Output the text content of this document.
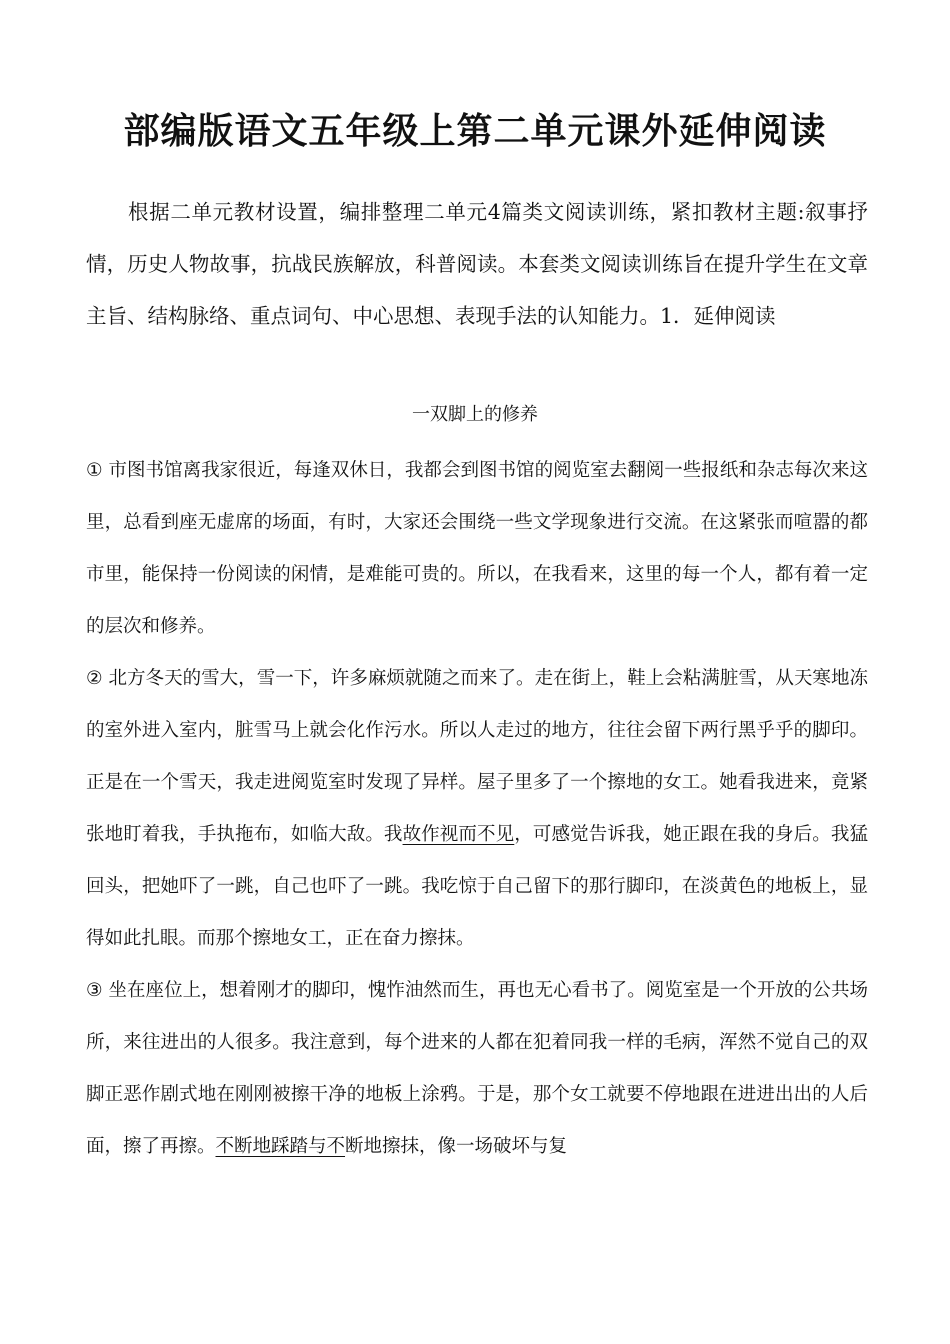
部编版语文五年级上第二单元课外延伸阅读

根据二单元教材设置，编排整理二单元4篇类文阅读训练，紧扣教材主题:叙事抒情，历史人物故事，抗战民族解放，科普阅读。本套类文阅读训练旨在提升学生在文章主旨、结构脉络、重点词句、中心思想、表现手法的认知能力。1．延伸阅读

一双脚上的修养

① 市图书馆离我家很近，每逢双休日，我都会到图书馆的阅览室去翻阅一些报纸和杂志每次来这里，总看到座无虚席的场面，有时，大家还会围绕一些文学现象进行交流。在这紧张而喧嚣的都市里，能保持一份阅读的闲情，是难能可贵的。所以，在我看来，这里的每一个人，都有着一定的层次和修养。

② 北方冬天的雪大，雪一下，许多麻烦就随之而来了。走在街上，鞋上会粘满脏雪，从天寒地冻的室外进入室内，脏雪马上就会化作污水。所以人走过的地方，往往会留下两行黑乎乎的脚印。正是在一个雪天，我走进阅览室时发现了异样。屋子里多了一个擦地的女工。她看我进来，竟紧张地盯着我，手执拖布，如临大敌。我故作视而不见，可感觉告诉我，她正跟在我的身后。我猛回头，把她吓了一跳，自己也吓了一跳。我吃惊于自己留下的那行脚印，在淡黄色的地板上，显得如此扎眼。而那个擦地女工，正在奋力擦抹。

③ 坐在座位上，想着刚才的脚印，愧怍油然而生，再也无心看书了。阅览室是一个开放的公共场所，来往进出的人很多。我注意到，每个进来的人都在犯着同我一样的毛病，浑然不觉自己的双脚正恶作剧式地在刚刚被擦干净的地板上涂鸦。于是，那个女工就要不停地跟在进进出出的人后面，擦了再擦。不断地踩踏与不断地擦抹，像一场破坏与复
